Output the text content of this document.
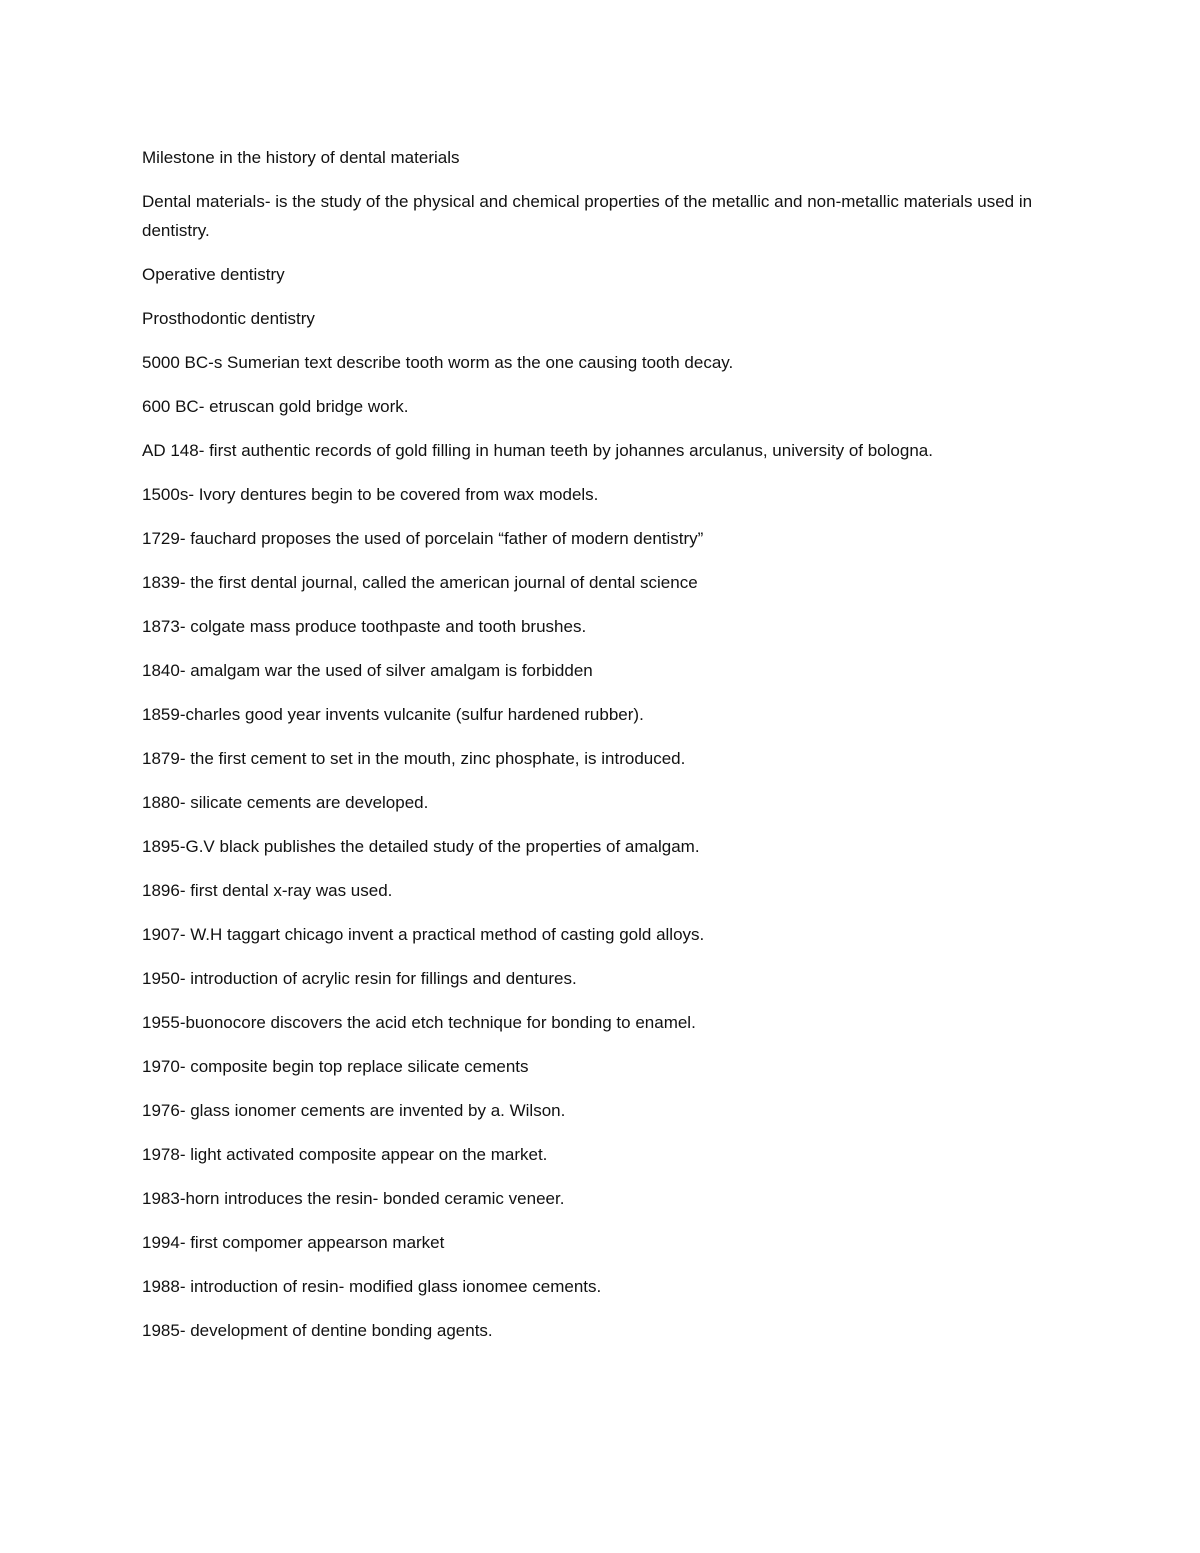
Milestone in the history of dental materials

Dental materials- is the study of the physical and chemical properties of the metallic and non-metallic materials used in dentistry.

Operative dentistry

Prosthodontic dentistry

5000 BC-s Sumerian text describe tooth worm as the one causing tooth decay.

600 BC- etruscan gold bridge work.

AD 148- first authentic records of gold filling in human teeth by johannes arculanus, university of bologna.

1500s- Ivory dentures begin to be covered from wax models.

1729- fauchard proposes the used of porcelain “father of modern dentistry”

1839- the first dental journal, called the american journal of dental science

1873- colgate mass produce toothpaste and tooth brushes.

1840- amalgam war the used of silver amalgam is forbidden

1859-charles good year invents vulcanite (sulfur hardened rubber).

1879- the first cement to set in the mouth, zinc phosphate, is introduced.

1880- silicate cements are developed.

1895-G.V black publishes the detailed study of the properties of amalgam.

1896- first dental x-ray was used.

1907- W.H taggart chicago invent a practical method of casting gold alloys.

1950- introduction of acrylic resin for fillings and dentures.

1955-buonocore discovers the acid etch technique for bonding to enamel.

1970- composite begin top replace silicate cements

1976- glass ionomer cements are invented by a. Wilson.

1978- light activated composite appear on the market.

1983-horn introduces the resin- bonded ceramic veneer.

1994- first compomer appearson market

1988- introduction of resin- modified glass ionomee cements.

1985- development of dentine bonding agents.
